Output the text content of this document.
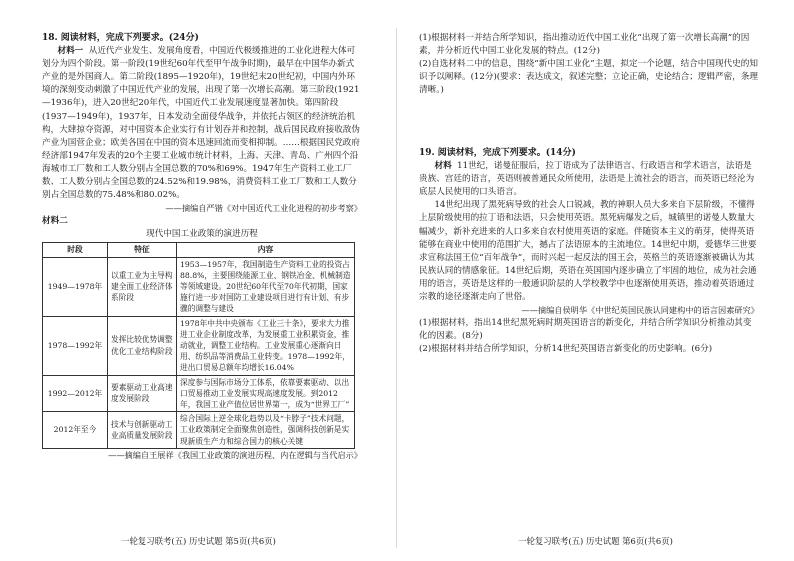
18. 阅读材料，完成下列要求。(24分)

材料一 从近代产业发生、发展角度看，中国近代极缓推进的工业化进程大体可划分为四个阶段。第一阶段(19世纪60年代至甲午战争时期)，最早在中国华办新式产业的是外国商人。第二阶段(1895—1920年)，19世纪末20世纪初，中国内外环境的深刻变动刺激了中国近代产业的发展，出现了第一次增长高潮。第三阶段(1921—1936年)，进入20世纪20年代，中国近代工业发展速度显著加快。第四阶段(1937—1949年)，1937年，日本发动全面侵华战争，并依托占领区的经济统治机构，大肆掠夺资源，对中国资本企业实行有计划吞并和控制，战后国民政府接收敌伪产业为国营企业；欧美各国在中国的资本迅速回流而变相抑制。……根据国民党政府经济部1947年发表的20个主要工业城市统计材料，上海、天津、青岛、广州四个沿海城市工厂数和工人数分别占全国总数的70%和69%。1947年生产资料工业工厂数、工人数分别占全国总数的24.52%和19.98%，消费资料工业工厂数和工人数分别占全国总数的75.48%和80.02%。

——摘编自严锴《对中国近代工业化进程的初步考察》

材料二

现代中国工业政策的演进历程

时段	特征	内容
1949—1978年	以重工业为主导构建全面工业经济体系阶段	1953—1957年，我国制造生产资料工业的投资占88.8%，主要围绕能源工业、钢铁冶金、机械制造等领域建设。20世纪60年代至70年代初期，国家施行进一步对国防工业建设项目进行有计划、有步骤的调整与建设
1978—1992年	发挥比较优势调整优化工业结构阶段	1978年中共中央颁布《工业三十条》，要求大力推进工业企业制度改革，为发展重工业积累资金，推动就业，调整工业结构。工业发展重心逐渐向日用、纺织品等消费品工业转变。1978—1992年，进出口贸易总额年均增长16.04%
1992—2012年	要素驱动工业高速度发展阶段	深度参与国际市场分工体系，依靠要素驱动、以出口贸易推动工业发展实现高速度发展。到2012年，我国工业产值位居世界第一，成为“世界工厂”
2012年至今	技术与创新驱动工业高质量发展阶段	综合国际上逆全球化趋势以及“卡脖子”技术问题，工业政策制定全面聚焦创造性，强调科技创新是实现新质生产力和综合国力的核心关键

——摘编自王展祥《我国工业政策的演进历程、内在逻辑与当代启示》

一轮复习联考(五) 历史试题 第5页(共6页)

(1)根据材料一并结合所学知识，指出推动近代中国工业化“出现了第一次增长高潮”的因素，并分析近代中国工业化发展的特点。(12分)

(2)自选材料二中的信息，围绕“新中国工业化”主题，拟定一个论题，结合中国现代史的知识予以阐释。(12分)(要求：表达成文，叙述完整；立论正确，史论结合；逻辑严密，条理清晰。)

19. 阅读材料，完成下列要求。(14分)

材料 11世纪，诺曼征服后，拉丁语成为了法律语言、行政语言和学术语言，法语是贵族、宫廷的语言，英语则被普通民众所使用，法语是上流社会的语言，而英语已经沦为底层人民使用的口头语言。

14世纪出现了黑死病导致的社会人口锐减，教的神职人员大多来自下层阶级，不懂得上层阶级使用的拉丁语和法语，只会使用英语。黑死病爆发之后，城镇里的诺曼人数量大幅减少，新补充进来的人口多来自农村使用英语的家庭。伴随资本主义的萌芽，使得英语能够在商业中使用的范围扩大，撼占了法语原本的主流地位。14世纪中期，爱德华三世要求宣称法国王位“百年战争”，而时兴起一起反法的国王会，英格兰的英语逐渐被确认为其民族认同的情感象征。14世纪后期，英语在英国国内逐步确立了牢固的地位，成为社会通用的语言，英语是这样的一般通识阶层的人学校教学中也逐渐使用英语，推动着英语通过宗教的途径逐渐走向了世俗。

——摘编自侯明华《中世纪英国民族认同建构中的语言因素研究》

(1)根据材料，指出14世纪黑死病时期英国语言的新变化，并结合所学知识分析推动其变化的因素。(8分)

(2)根据材料并结合所学知识，分析14世纪英国语言新变化的历史影响。(6分)

一轮复习联考(五) 历史试题 第6页(共6页)
